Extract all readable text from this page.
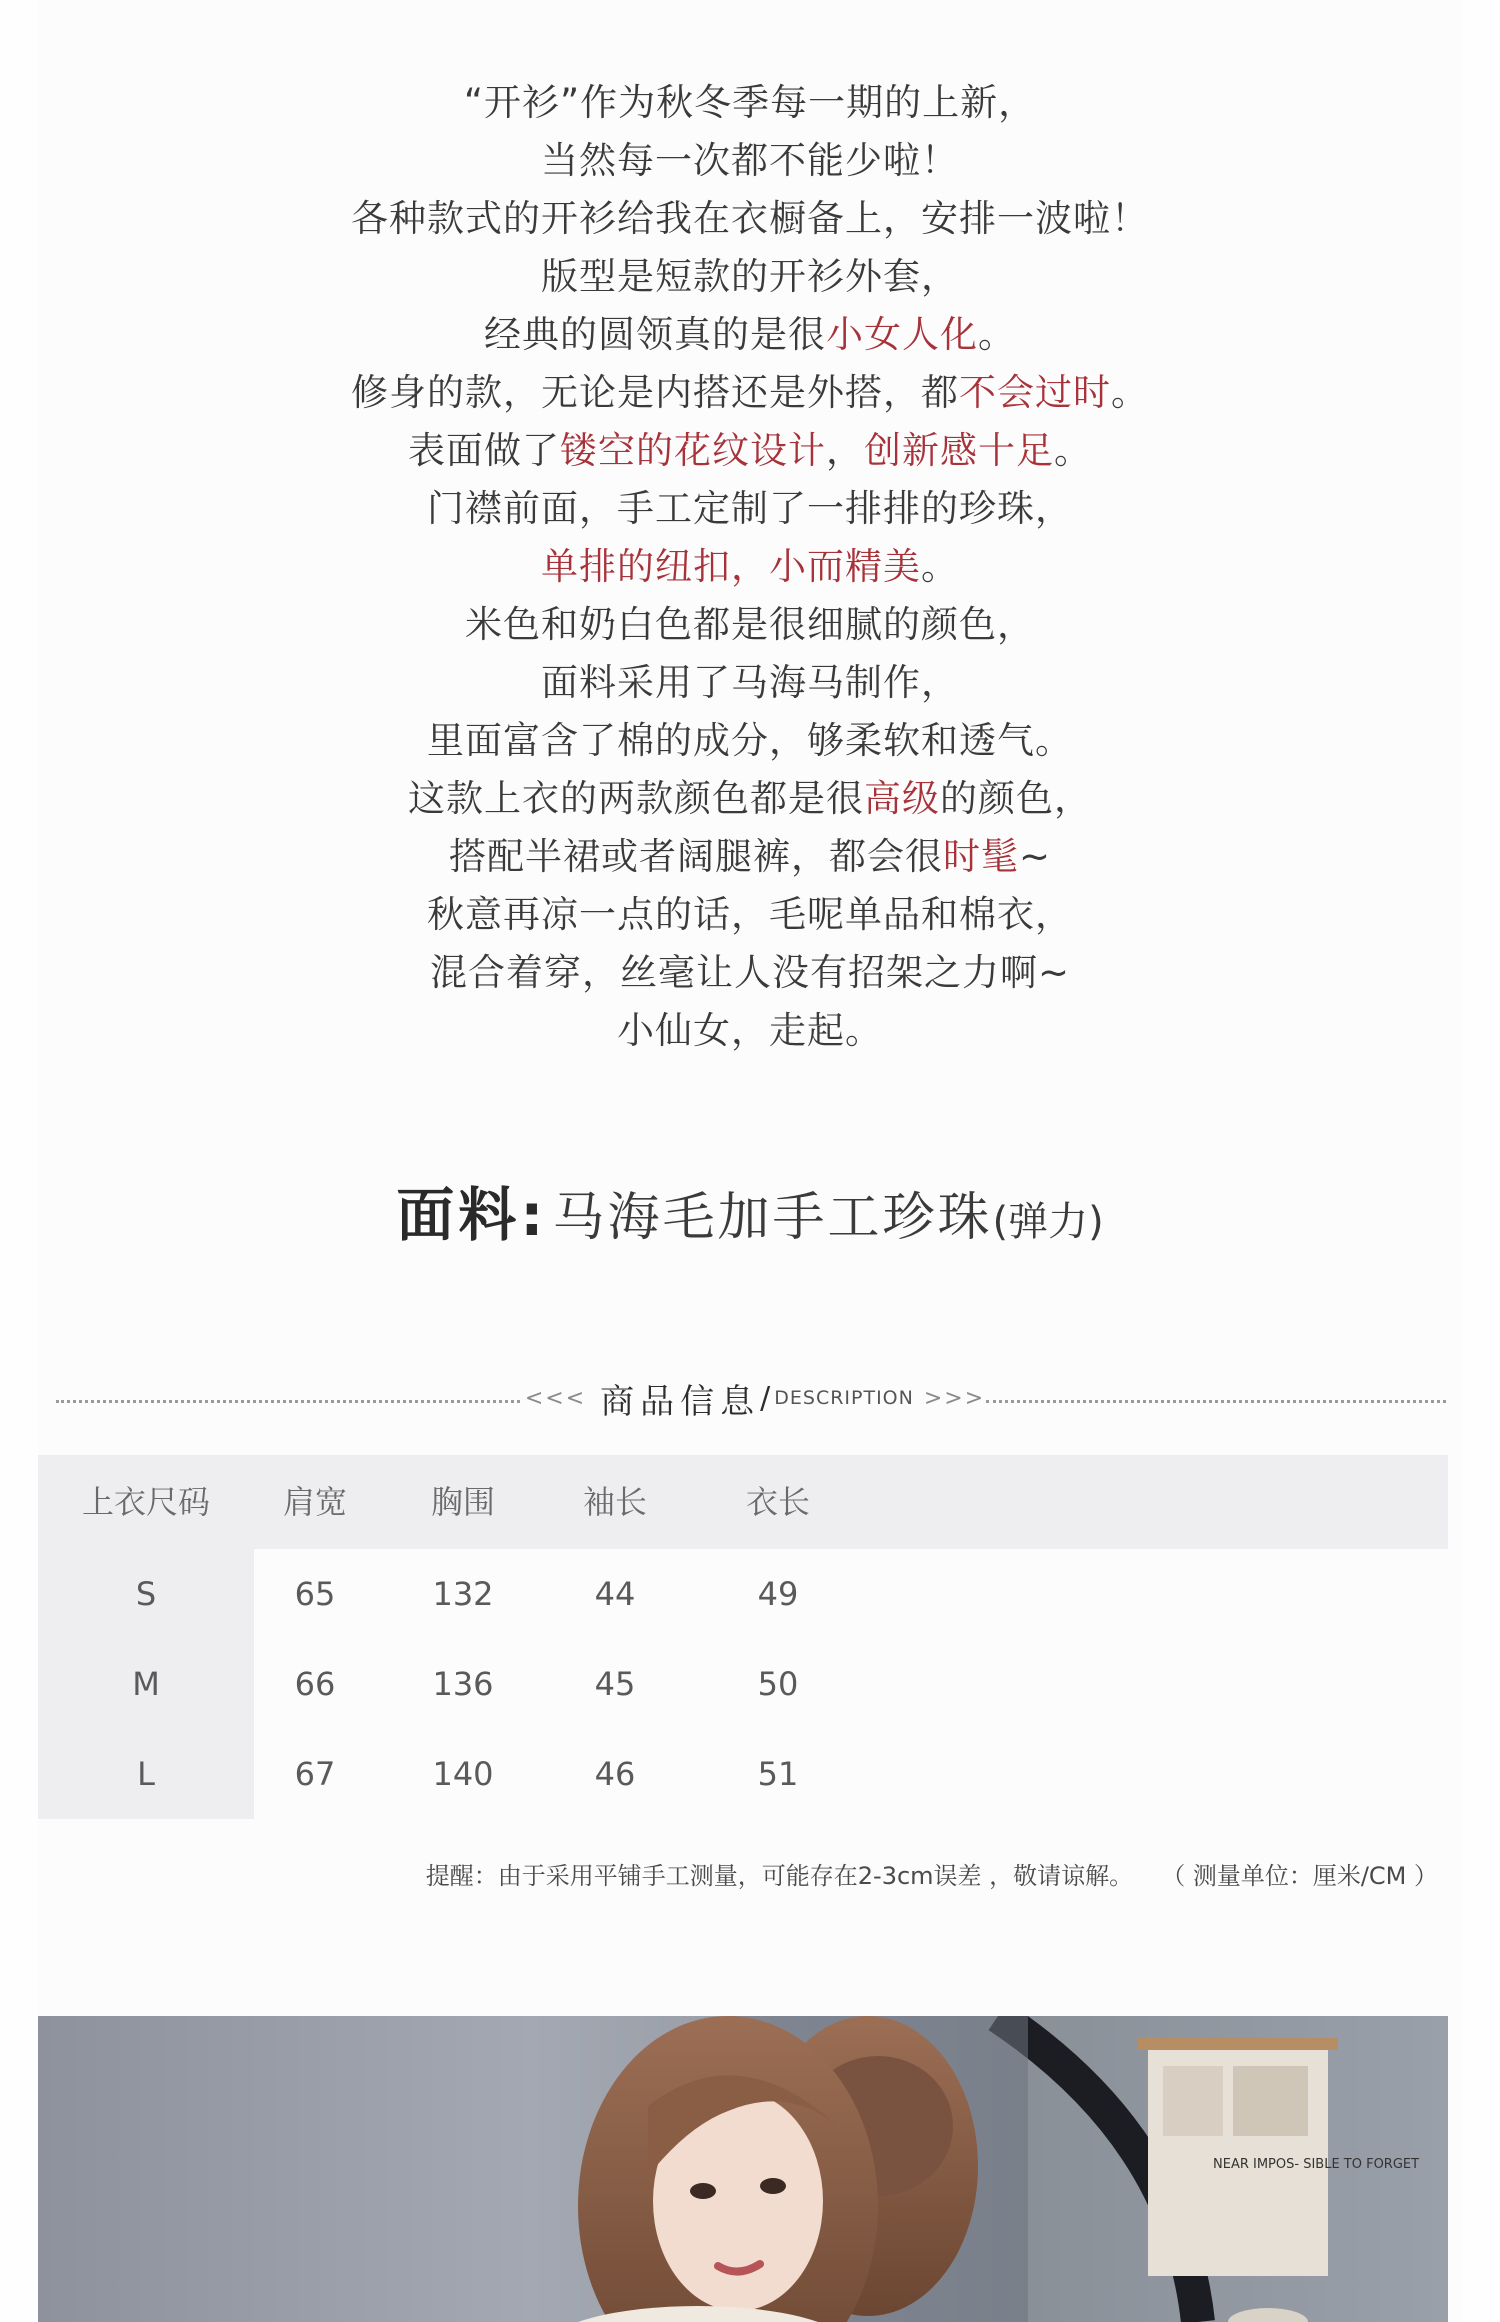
“开衫”作为秋冬季每一期的上新，
当然每一次都不能少啦！
各种款式的开衫给我在衣橱备上，安排一波啦！
版型是短款的开衫外套，
经典的圆领真的是很小女人化。
修身的款，无论是内搭还是外搭，都不会过时。
表面做了镂空的花纹设计，创新感十足。
门襟前面，手工定制了一排排的珍珠，
单排的纽扣，小而精美。
米色和奶白色都是很细腻的颜色，
面料采用了马海马制作，
里面富含了棉的成分，够柔软和透气。
这款上衣的两款颜色都是很高级的颜色，
搭配半裙或者阔腿裤，都会很时髦~
秋意再凉一点的话，毛呢单品和棉衣，
混合着穿，丝毫让人没有招架之力啊~
小仙女，走起。
面料: 马海毛加手工珍珠(弹力)
<<< 商品信息 / DESCRIPTION >>>
上衣尺码	肩宽	胸围	袖长	衣长
S	65	132	44	49
M	66	136	45	50
L	67	140	46	51
提醒：由于采用平铺手工测量，可能存在2-3cm误差 ，敬请谅解。 （ 测量单位：厘米/CM ）
NEAR IMPOS- SIBLE TO FORGET
